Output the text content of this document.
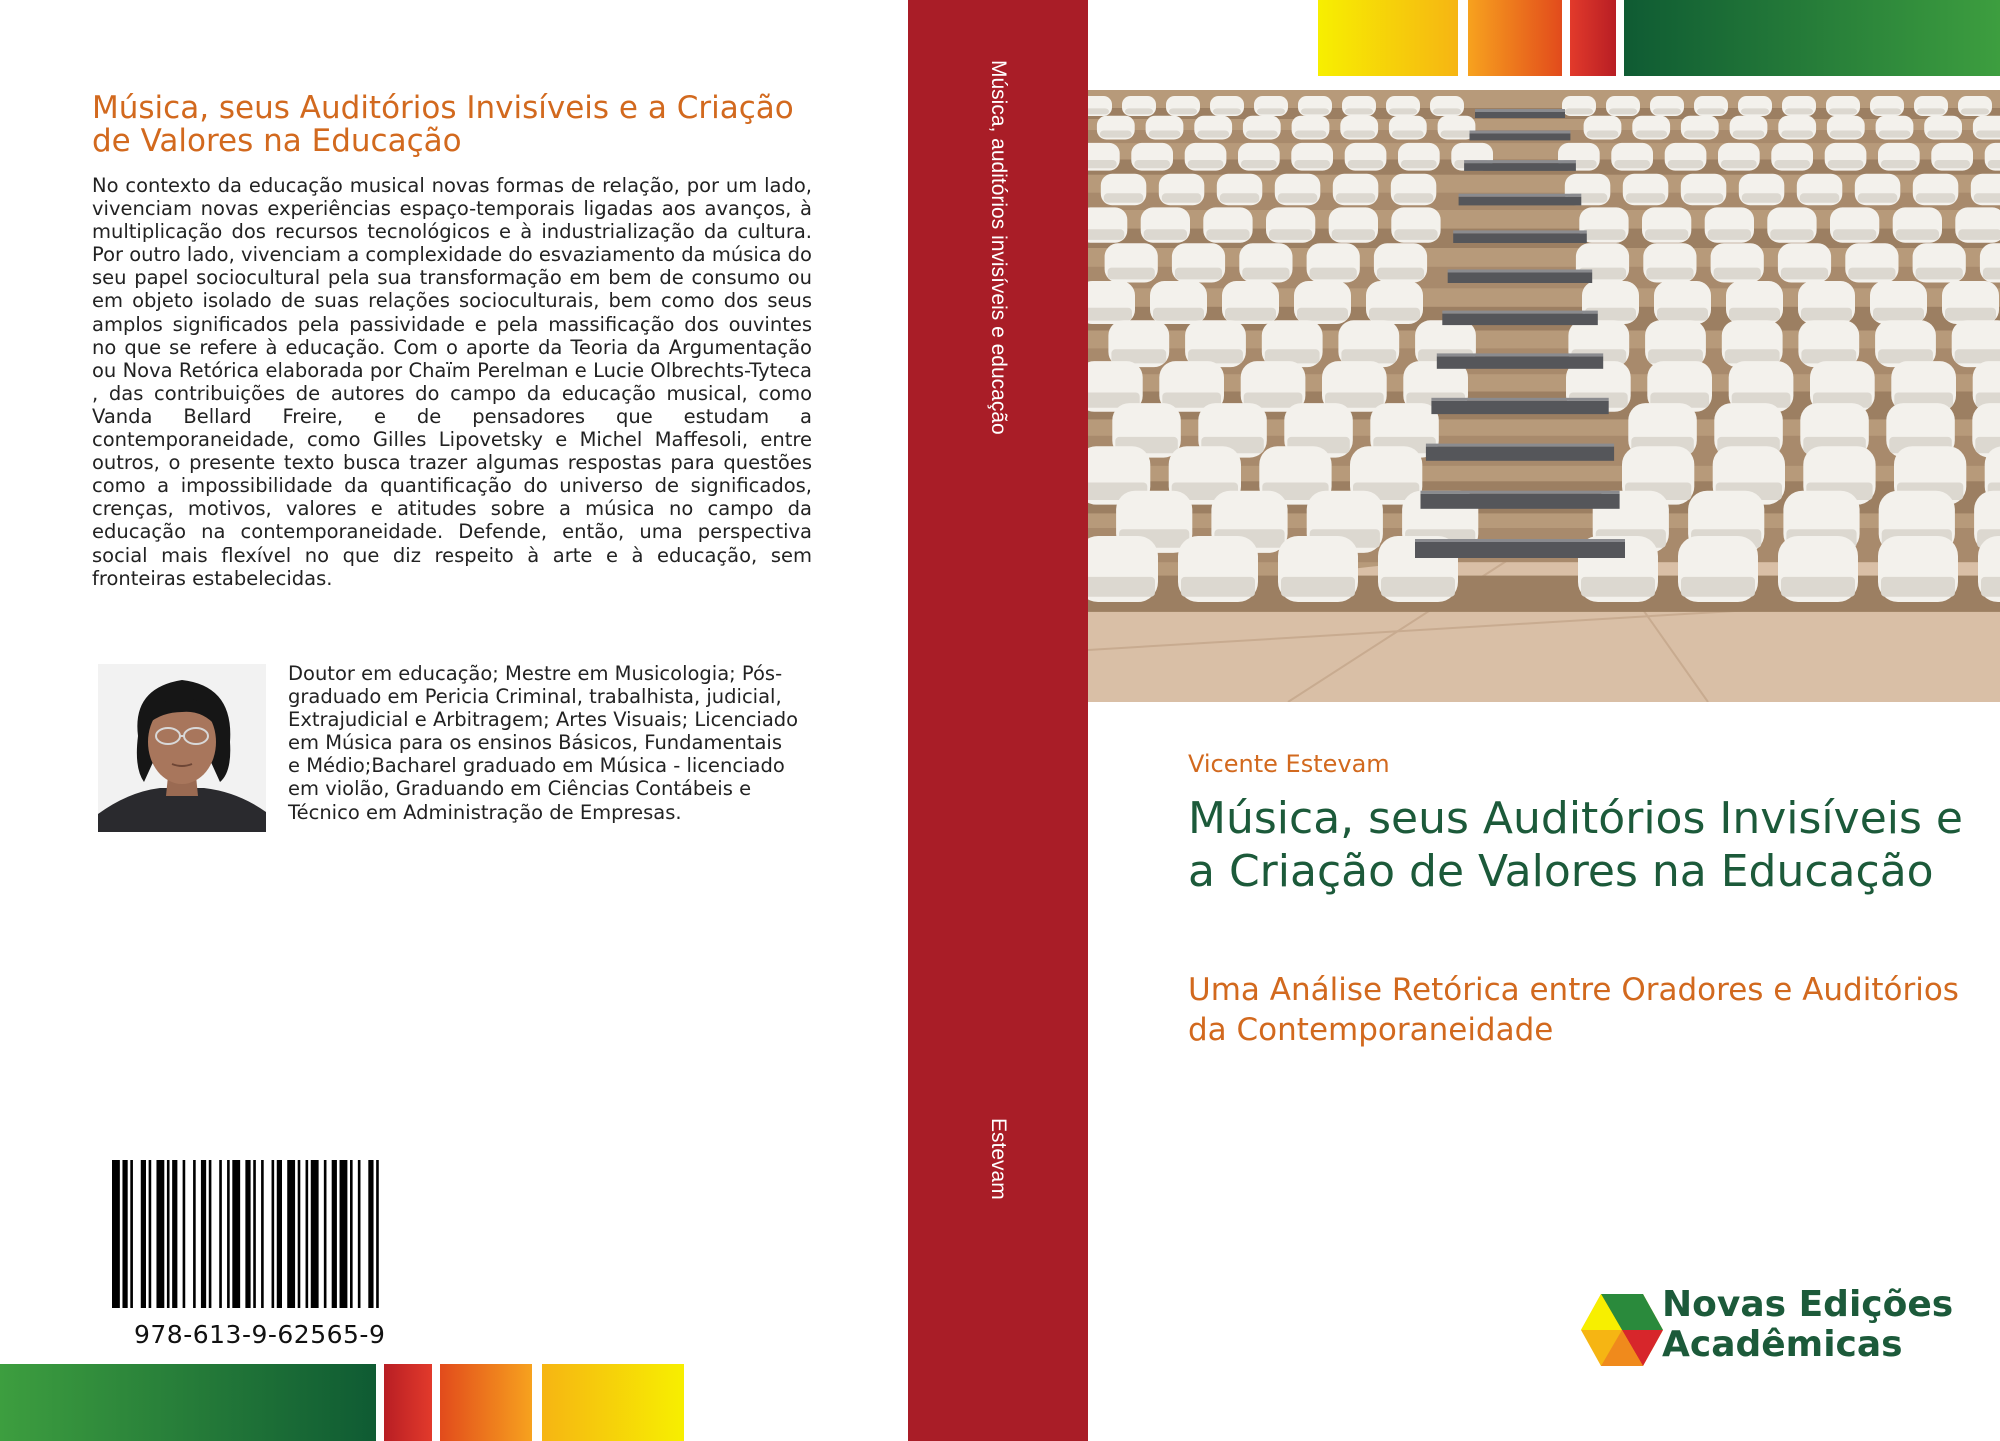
Música, seus Auditórios Invisíveis e a Criação de Valores na Educação

No contexto da educação musical novas formas de relação, por um lado, vivenciam novas experiências espaço-temporais ligadas aos avanços, à multiplicação dos recursos tecnológicos e à industrialização da cultura. Por outro lado, vivenciam a complexidade do esvaziamento da música do seu papel sociocultural pela sua transformação em bem de consumo ou em objeto isolado de suas relações socioculturais, bem como dos seus amplos significados pela passividade e pela massificação dos ouvintes no que se refere à educação. Com o aporte da Teoria da Argumentação ou Nova Retórica elaborada por Chaïm Perelman e Lucie Olbrechts-Tyteca , das contribuições de autores do campo da educação musical, como Vanda Bellard Freire, e de pensadores que estudam a contemporaneidade, como Gilles Lipovetsky e Michel Maffesoli, entre outros, o presente texto busca trazer algumas respostas para questões como a impossibilidade da quantificação do universo de significados, crenças, motivos, valores e atitudes sobre a música no campo da educação na contemporaneidade. Defende, então, uma perspectiva social mais flexível no que diz respeito à arte e à educação, sem fronteiras estabelecidas.

Doutor em educação; Mestre em Musicologia; Pós-graduado em Pericia Criminal, trabalhista, judicial, Extrajudicial e Arbitragem; Artes Visuais; Licenciado em Música para os ensinos Básicos, Fundamentais e Médio;Bacharel graduado em Música - licenciado em violão, Graduando em Ciências Contábeis e Técnico em Administração de Empresas.

978-613-9-62565-9
Música, auditórios invisíveis e educação
Estevam
Vicente Estevam
Música, seus Auditórios Invisíveis e a Criação de Valores na Educação
Uma Análise Retórica entre Oradores e Auditórios da Contemporaneidade
Novas Edições
Acadêmicas
